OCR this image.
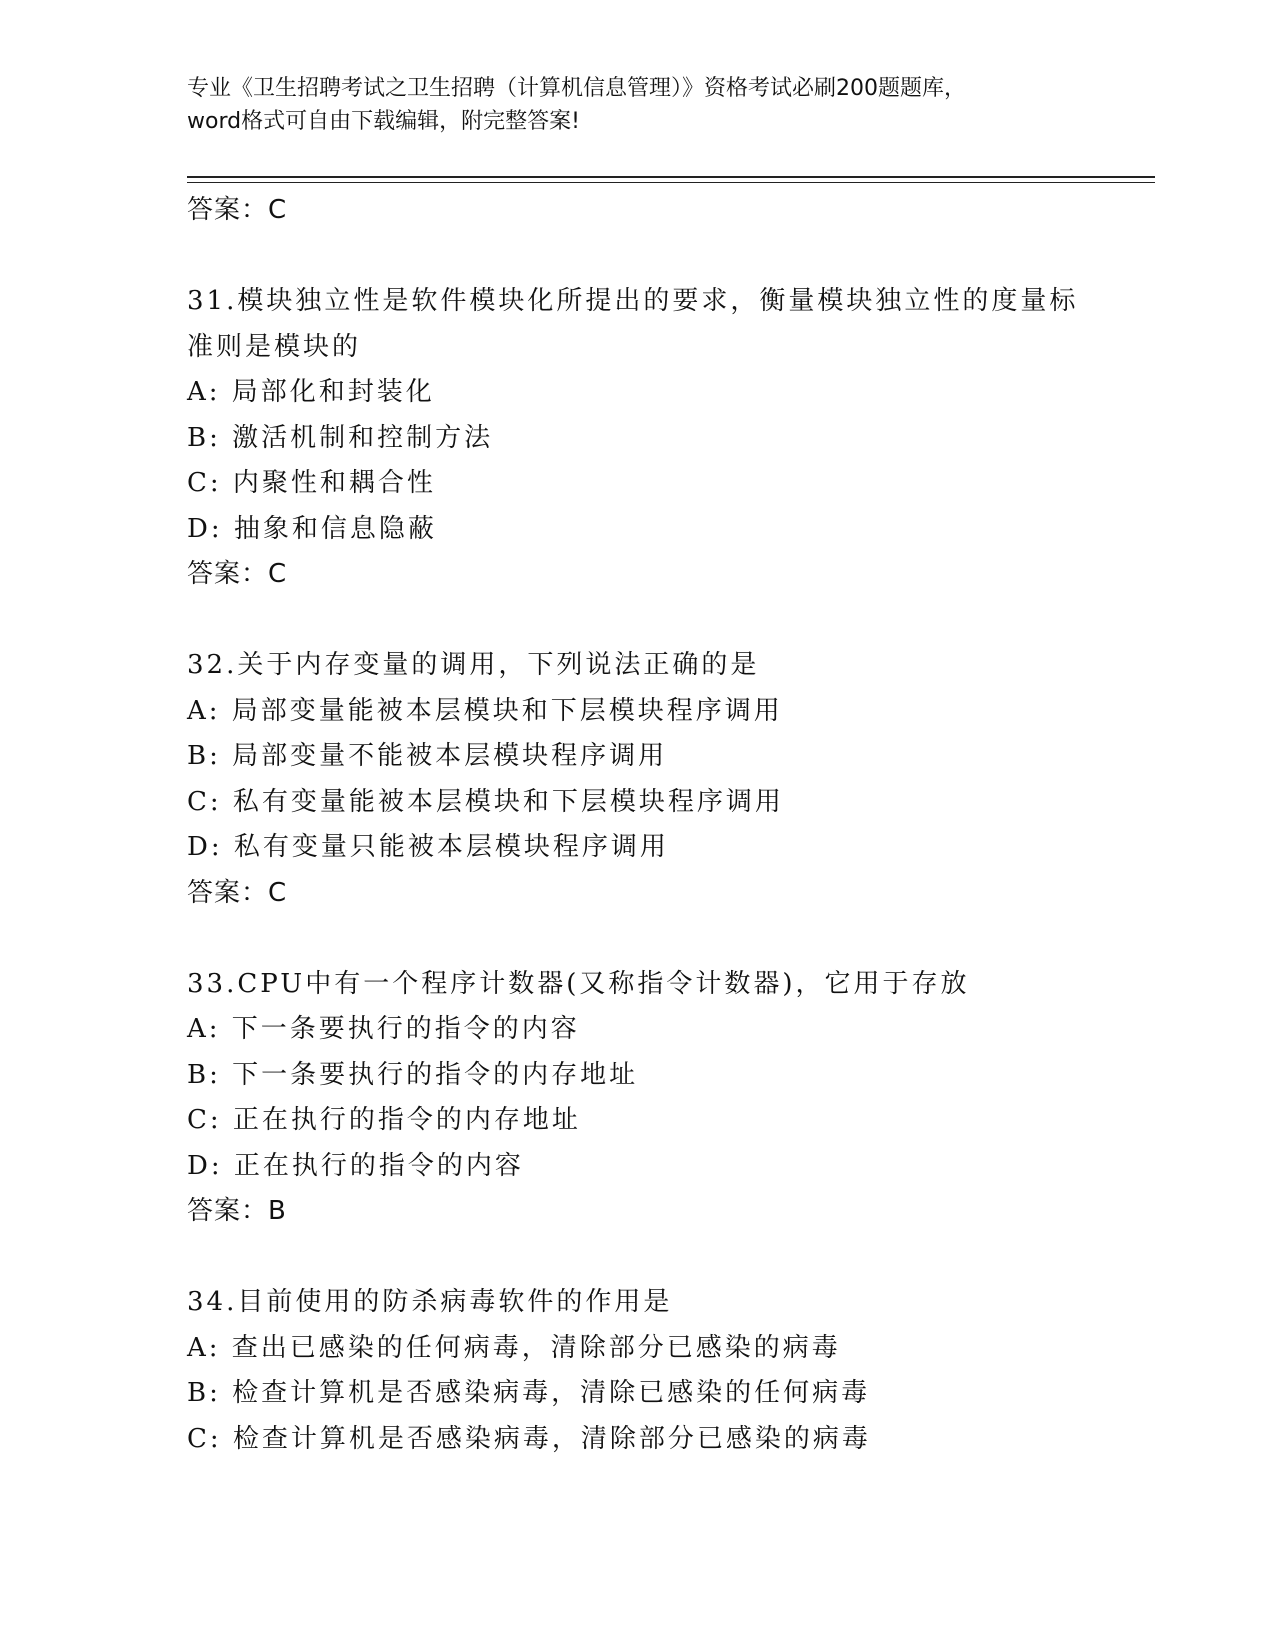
专业《卫生招聘考试之卫生招聘（计算机信息管理）》资格考试必刷200题题库，
word格式可自由下载编辑，附完整答案!
答案：C
31.模块独立性是软件模块化所提出的要求，衡量模块独立性的度量标
准则是模块的
A: 局部化和封装化
B: 激活机制和控制方法
C: 内聚性和耦合性
D: 抽象和信息隐蔽
答案：C
32.关于内存变量的调用，下列说法正确的是
A: 局部变量能被本层模块和下层模块程序调用
B: 局部变量不能被本层模块程序调用
C: 私有变量能被本层模块和下层模块程序调用
D: 私有变量只能被本层模块程序调用
答案：C
33.CPU中有一个程序计数器(又称指令计数器)，它用于存放
A: 下一条要执行的指令的内容
B: 下一条要执行的指令的内存地址
C: 正在执行的指令的内存地址
D: 正在执行的指令的内容
答案：B
34.目前使用的防杀病毒软件的作用是
A: 查出已感染的任何病毒，清除部分已感染的病毒
B: 检查计算机是否感染病毒，清除已感染的任何病毒
C: 检查计算机是否感染病毒，清除部分已感染的病毒
